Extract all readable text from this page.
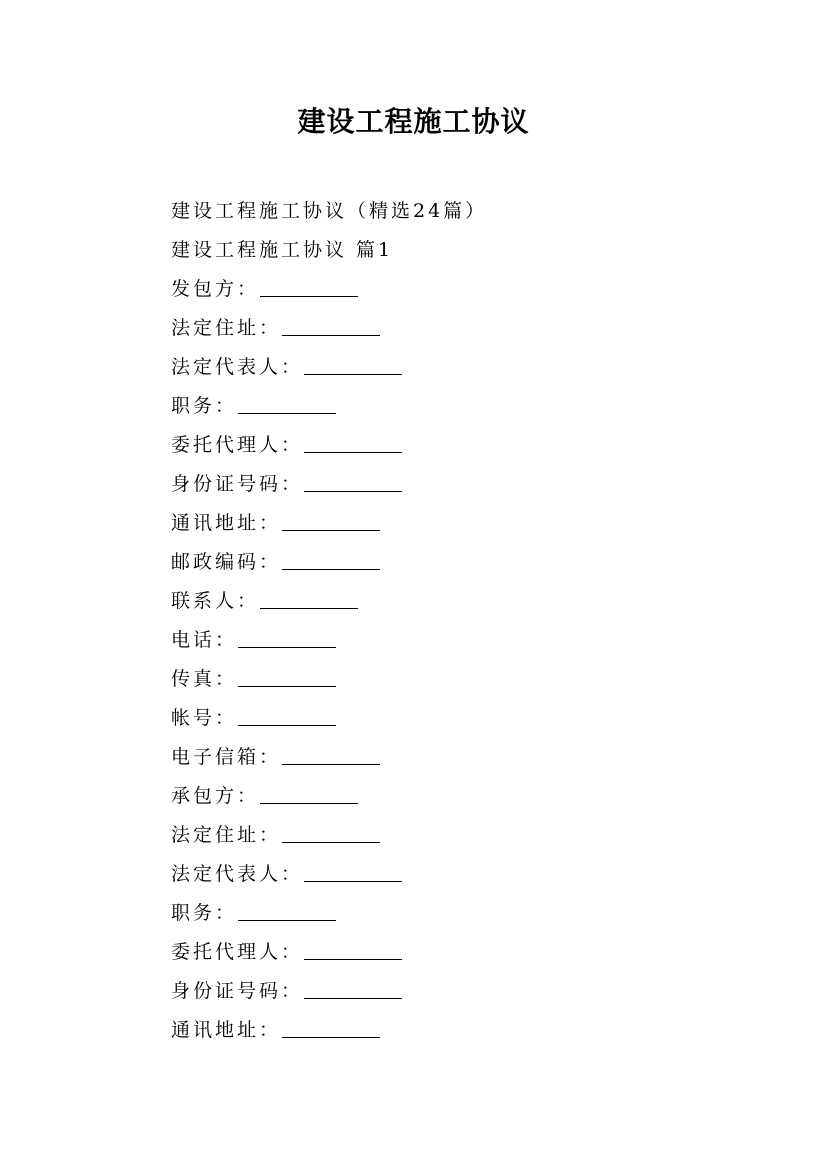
建设工程施工协议
建设工程施工协议（精选24篇）
建设工程施工协议 篇1
发包方：
法定住址：
法定代表人：
职务：
委托代理人：
身份证号码：
通讯地址：
邮政编码：
联系人：
电话：
传真：
帐号：
电子信箱：
承包方：
法定住址：
法定代表人：
职务：
委托代理人：
身份证号码：
通讯地址：
